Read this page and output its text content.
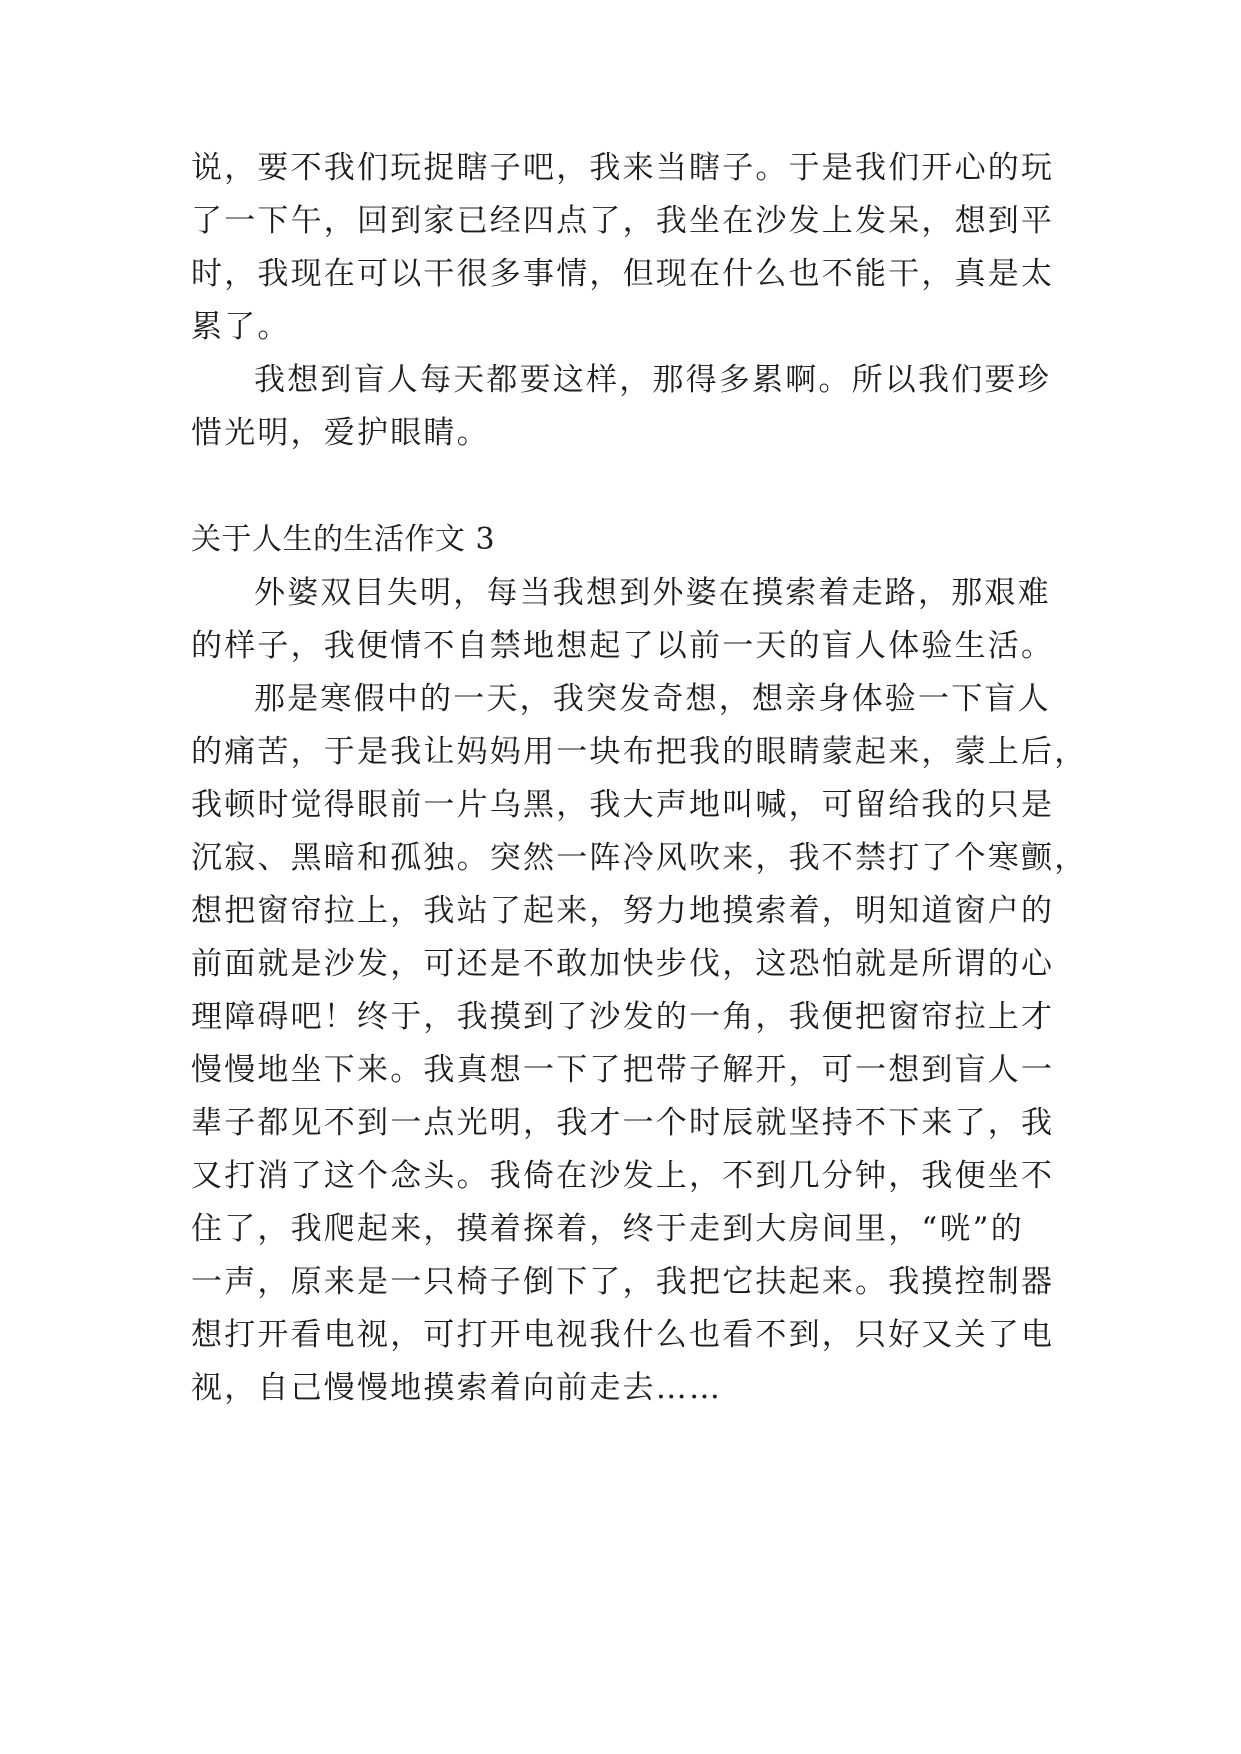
说，要不我们玩捉瞎子吧，我来当瞎子。于是我们开心的玩
了一下午，回到家已经四点了，我坐在沙发上发呆，想到平
时，我现在可以干很多事情，但现在什么也不能干，真是太
累了。
我想到盲人每天都要这样，那得多累啊。所以我们要珍
惜光明，爱护眼睛。
关于人生的生活作文 3
外婆双目失明，每当我想到外婆在摸索着走路，那艰难
的样子，我便情不自禁地想起了以前一天的盲人体验生活。
那是寒假中的一天，我突发奇想，想亲身体验一下盲人
的痛苦，于是我让妈妈用一块布把我的眼睛蒙起来，蒙上后，
我顿时觉得眼前一片乌黑，我大声地叫喊，可留给我的只是
沉寂、黑暗和孤独。突然一阵冷风吹来，我不禁打了个寒颤，
想把窗帘拉上，我站了起来，努力地摸索着，明知道窗户的
前面就是沙发，可还是不敢加快步伐，这恐怕就是所谓的心
理障碍吧！终于，我摸到了沙发的一角，我便把窗帘拉上才
慢慢地坐下来。我真想一下了把带子解开，可一想到盲人一
辈子都见不到一点光明，我才一个时辰就坚持不下来了，我
又打消了这个念头。我倚在沙发上，不到几分钟，我便坐不
住了，我爬起来，摸着探着，终于走到大房间里，“咣”的
一声，原来是一只椅子倒下了，我把它扶起来。我摸控制器
想打开看电视，可打开电视我什么也看不到，只好又关了电
视，自己慢慢地摸索着向前走去……
